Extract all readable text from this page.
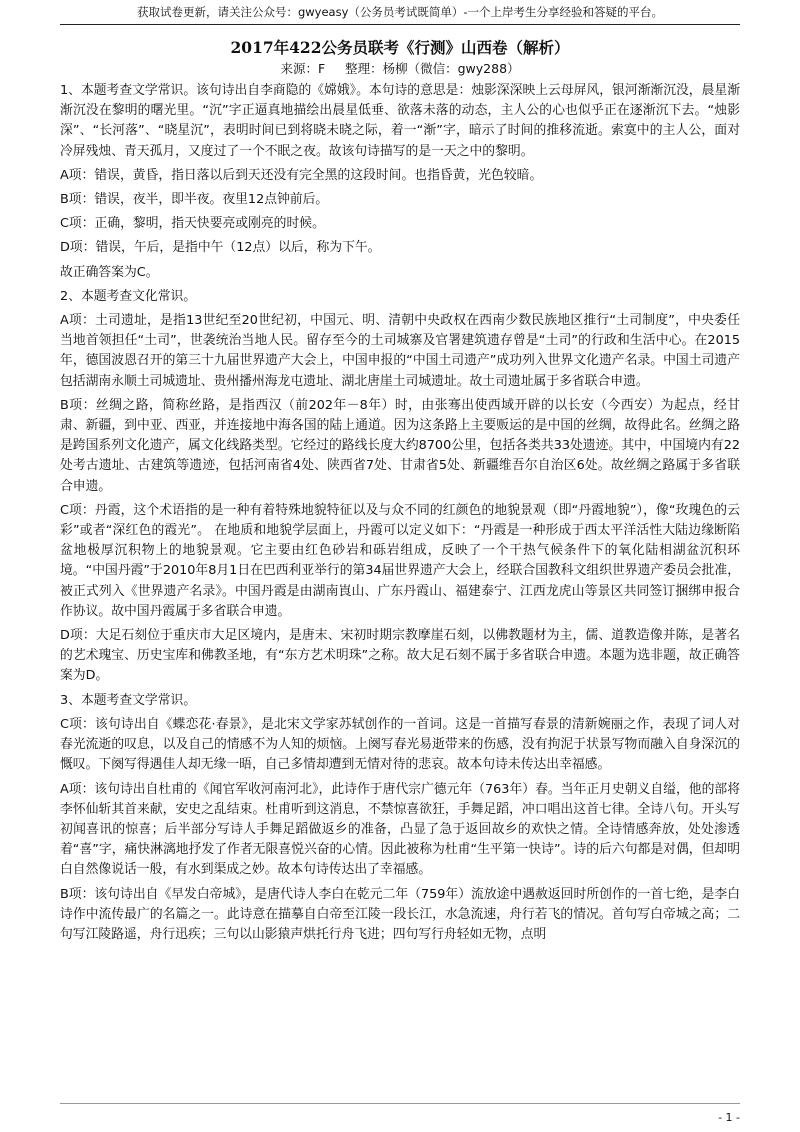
获取试卷更新，请关注公众号：gwyeasy（公务员考试既简单）-一个上岸考生分享经验和答疑的平台。
2017年422公务员联考《行测》山西卷（解析）
来源：F 整理：杨柳（微信：gwy288）

1、本题考查文学常识。该句诗出自李商隐的《嫦娥》。本句诗的意思是：烛影深深映上云母屏风，银河渐渐沉没，晨星渐渐沉没在黎明的曙光里。“沉”字正逼真地描绘出晨星低垂、欲落未落的动态，主人公的心也似乎正在逐渐沉下去。“烛影深”、“长河落”、“晓星沉”，表明时间已到将晓未晓之际，着一“渐”字，暗示了时间的推移流逝。索寞中的主人公，面对冷屏残烛、青天孤月，又度过了一个不眠之夜。故该句诗描写的是一天之中的黎明。

A项：错误，黄昏，指日落以后到天还没有完全黑的这段时间。也指昏黄，光色较暗。

B项：错误，夜半，即半夜。夜里12点钟前后。

C项：正确，黎明，指天快要亮或刚亮的时候。

D项：错误，午后，是指中午（12点）以后，称为下午。

故正确答案为C。

2、本题考查文化常识。

A项：土司遗址，是指13世纪至20世纪初，中国元、明、清朝中央政权在西南少数民族地区推行“土司制度”，中央委任当地首领担任“土司”，世袭统治当地人民。留存至今的土司城寨及官署建筑遗存曾是“土司”的行政和生活中心。在2015年，德国波恩召开的第三十九届世界遗产大会上，中国申报的“中国土司遗产”成功列入世界文化遗产名录。中国土司遗产包括湖南永顺土司城遗址、贵州播州海龙屯遗址、湖北唐崖土司城遗址。故土司遗址属于多省联合申遗。

B项：丝绸之路，简称丝路，是指西汉（前202年－8年）时，由张骞出使西域开辟的以长安（今西安）为起点，经甘肃、新疆，到中亚、西亚，并连接地中海各国的陆上通道。因为这条路上主要贩运的是中国的丝绸，故得此名。丝绸之路是跨国系列文化遗产，属文化线路类型。它经过的路线长度大约8700公里，包括各类共33处遗迹。其中，中国境内有22处考古遗址、古建筑等遗迹，包括河南省4处、陕西省7处、甘肃省5处、新疆维吾尔自治区6处。故丝绸之路属于多省联合申遗。

C项：丹霞，这个术语指的是一种有着特殊地貌特征以及与众不同的红颜色的地貌景观（即“丹霞地貌”），像“玫瑰色的云彩”或者“深红色的霞光”。 在地质和地貌学层面上，丹霞可以定义如下：“丹霞是一种形成于西太平洋活性大陆边缘断陷盆地极厚沉积物上的地貌景观。它主要由红色砂岩和砾岩组成，反映了一个干热气候条件下的氧化陆相湖盆沉积环境。“中国丹霞”于2010年8月1日在巴西利亚举行的第34届世界遗产大会上，经联合国教科文组织世界遗产委员会批准，被正式列入《世界遗产名录》。中国丹霞是由湖南崀山、广东丹霞山、福建泰宁、江西龙虎山等景区共同签订捆绑申报合作协议。故中国丹霞属于多省联合申遗。

D项：大足石刻位于重庆市大足区境内，是唐末、宋初时期宗教摩崖石刻，以佛教题材为主，儒、道教造像并陈，是著名的艺术瑰宝、历史宝库和佛教圣地，有“东方艺术明珠”之称。故大足石刻不属于多省联合申遗。本题为选非题，故正确答案为D。

3、本题考查文学常识。

C项：该句诗出自《蝶恋花·春景》，是北宋文学家苏轼创作的一首词。这是一首描写春景的清新婉丽之作，表现了词人对春光流逝的叹息，以及自己的情感不为人知的烦恼。上阕写春光易逝带来的伤感，没有拘泥于状景写物而融入自身深沉的慨叹。下阕写得遇佳人却无缘一晤，自己多情却遭到无情对待的悲哀。故本句诗未传达出幸福感。

A项：该句诗出自杜甫的《闻官军收河南河北》，此诗作于唐代宗广德元年（763年）春。当年正月史朝义自缢，他的部将李怀仙斩其首来献，安史之乱结束。杜甫听到这消息，不禁惊喜欲狂，手舞足蹈，冲口唱出这首七律。全诗八句。开头写初闻喜讯的惊喜；后半部分写诗人手舞足蹈做返乡的准备，凸显了急于返回故乡的欢快之情。全诗情感奔放，处处渗透着“喜”字，痛快淋漓地抒发了作者无限喜悦兴奋的心情。因此被称为杜甫“生平第一快诗”。诗的后六句都是对偶，但却明白自然像说话一般，有水到渠成之妙。故本句诗传达出了幸福感。

B项：该句诗出自《早发白帝城》，是唐代诗人李白在乾元二年（759年）流放途中遇赦返回时所创作的一首七绝，是李白诗作中流传最广的名篇之一。此诗意在描摹自白帝至江陵一段长江，水急流速，舟行若飞的情况。首句写白帝城之高；二句写江陵路遥，舟行迅疾；三句以山影猿声烘托行舟飞进；四句写行舟轻如无物，点明

- 1 -
